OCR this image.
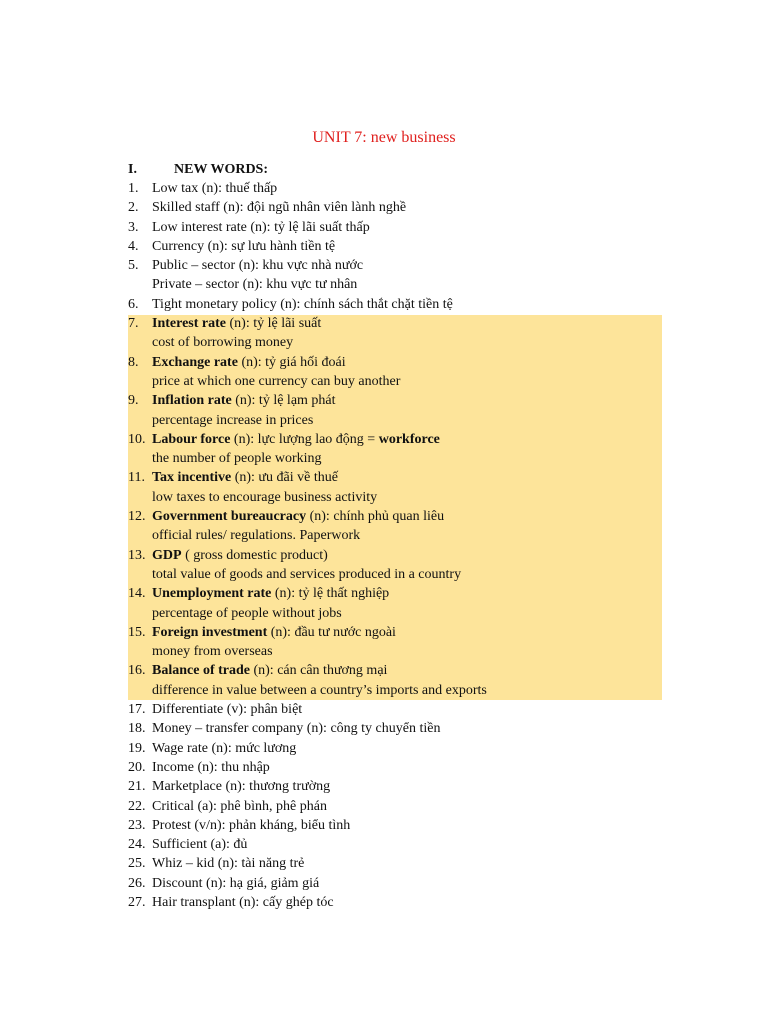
UNIT 7: new business
I.	NEW WORDS:
1. Low tax (n): thuế thấp
2. Skilled staff (n): đội ngũ nhân viên lành nghề
3. Low interest rate (n): tỷ lệ lãi suất thấp
4. Currency (n): sự lưu hành tiền tệ
5. Public – sector (n): khu vực nhà nước
Private – sector (n): khu vực tư nhân
6. Tight monetary policy (n): chính sách thắt chặt tiền tệ
7. Interest rate (n): tỷ lệ lãi suất
cost of borrowing money
8. Exchange rate (n): tỷ giá hối đoái
price at which one currency can buy another
9. Inflation rate (n): tỷ lệ lạm phát
percentage increase in prices
10. Labour force (n): lực lượng lao động = workforce
the number of people working
11. Tax incentive (n): ưu đãi về thuế
low taxes to encourage business activity
12. Government bureaucracy (n): chính phủ quan liêu
official rules/ regulations. Paperwork
13. GDP ( gross domestic product)
total value of goods and services produced in a country
14. Unemployment rate (n): tỷ lệ thất nghiệp
percentage of people without jobs
15. Foreign investment (n): đầu tư nước ngoài
money from overseas
16. Balance of trade (n): cán cân thương mại
difference in value between a country’s imports and exports
17. Differentiate (v): phân biệt
18. Money – transfer company (n): công ty chuyển tiền
19. Wage rate (n): mức lương
20. Income (n): thu nhập
21. Marketplace (n): thương trường
22. Critical (a): phê bình, phê phán
23. Protest (v/n): phản kháng, biểu tình
24. Sufficient (a): đủ
25. Whiz – kid (n): tài năng trẻ
26. Discount (n): hạ giá, giảm giá
27. Hair transplant (n): cấy ghép tóc
